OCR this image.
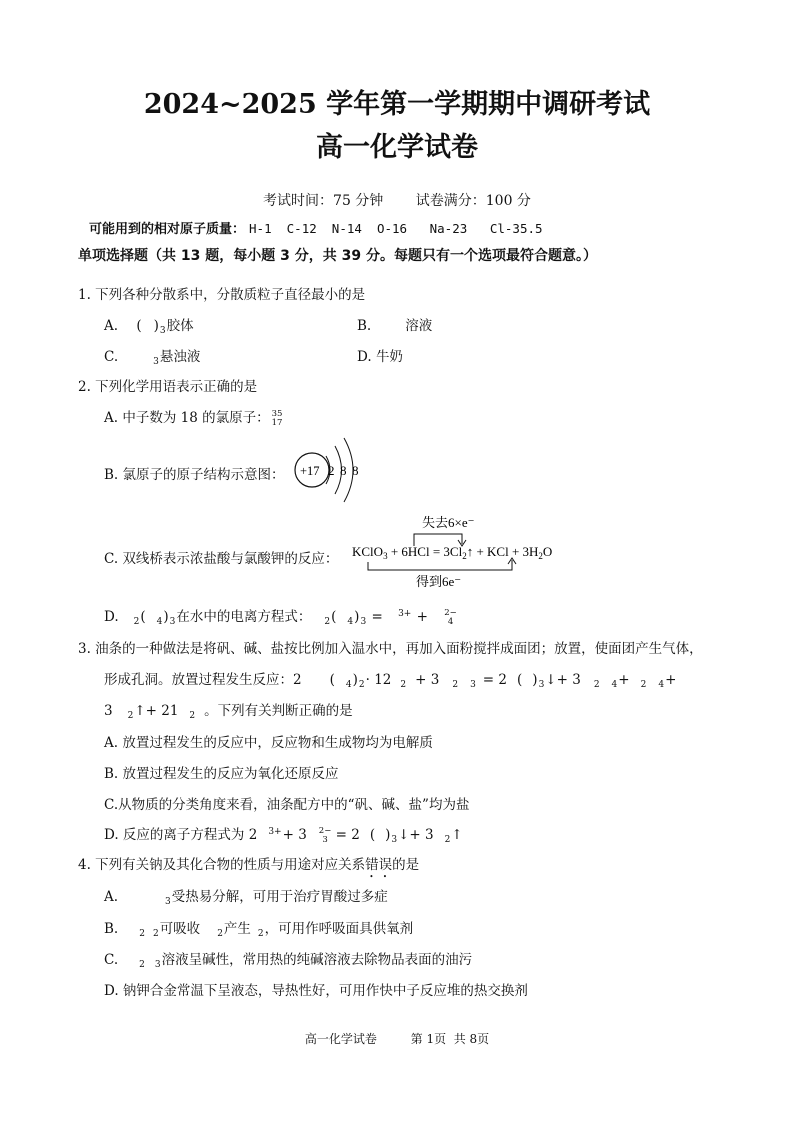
2024~2025 学年第一学期期中调研考试
高一化学试卷
考试时间：75 分钟 试卷满分：100 分
可能用到的相对原子质量： H-1  C-12  N-14  O-16   Na-23   Cl-35.5
单项选择题（共 13 题，每小题 3 分，共 39 分。每题只有一个选项最符合题意。）
1. 下列各种分散系中，分散质粒子直径最小的是
A. ( )$_3$胶体	B.	溶液
C.	$_3$悬浊液	D. 牛奶
2. 下列化学用语表示正确的是
A. 中子数为 18 的氯原子： 35
17
B. 氯原子的原子结构示意图： +17 2 8 8
C. 双线桥表示浓盐酸与氯酸钾的反应：
失去6×e⁻
KClO$_3$ + $6HCl = 3Cl_2↑$ + KCl + $3H_2O$
得到6e⁻
D. $_2$( $_4)_3$在水中的电离方程式： $_2$( $_4)_3 = ^{3+} + 2-$
4
3. 油条的一种做法是将矾、碱、盐按比例加入温水中，再加入面粉搅拌成面团；放置，使面团产生气体，
形成孔洞。放置过程发生反应：2 ( $_4)_2\cdot 12$ $_2$ + 3 $_2$ $_3$ = 2 ( )$_3↓+ 3$ $_2$ $_4$+ $_2$ $_4$+
3 $_2$↑+ 21 $_2$ 。下列有关判断正确的是
A. 放置过程发生的反应中，反应物和生成物均为电解质
B. 放置过程发生的反应为氧化还原反应
C.从物质的分类角度来看，油条配方中的“矾、碱、盐”均为盐
D. 反应的离子方程式为 2 $^{3+}$+ 3 2−
3 = 2 ( )$_3↓+ 3$ $_2$↑
4. 下列有关钠及其化合物的性质与用途对应关系错误的是
A.	$_3$受热易分解，可用于治疗胃酸过多症
B. $_2$ $_2$可吸收 $_2$产生 $_2$，可用作呼吸面具供氧剂
C. $_2$ $_3$溶液呈碱性，常用热的纯碱溶液去除物品表面的油污
D. 钠钾合金常温下呈液态，导热性好，可用作快中子反应堆的热交换剂
高一化学试卷	第 1页  共 8页
